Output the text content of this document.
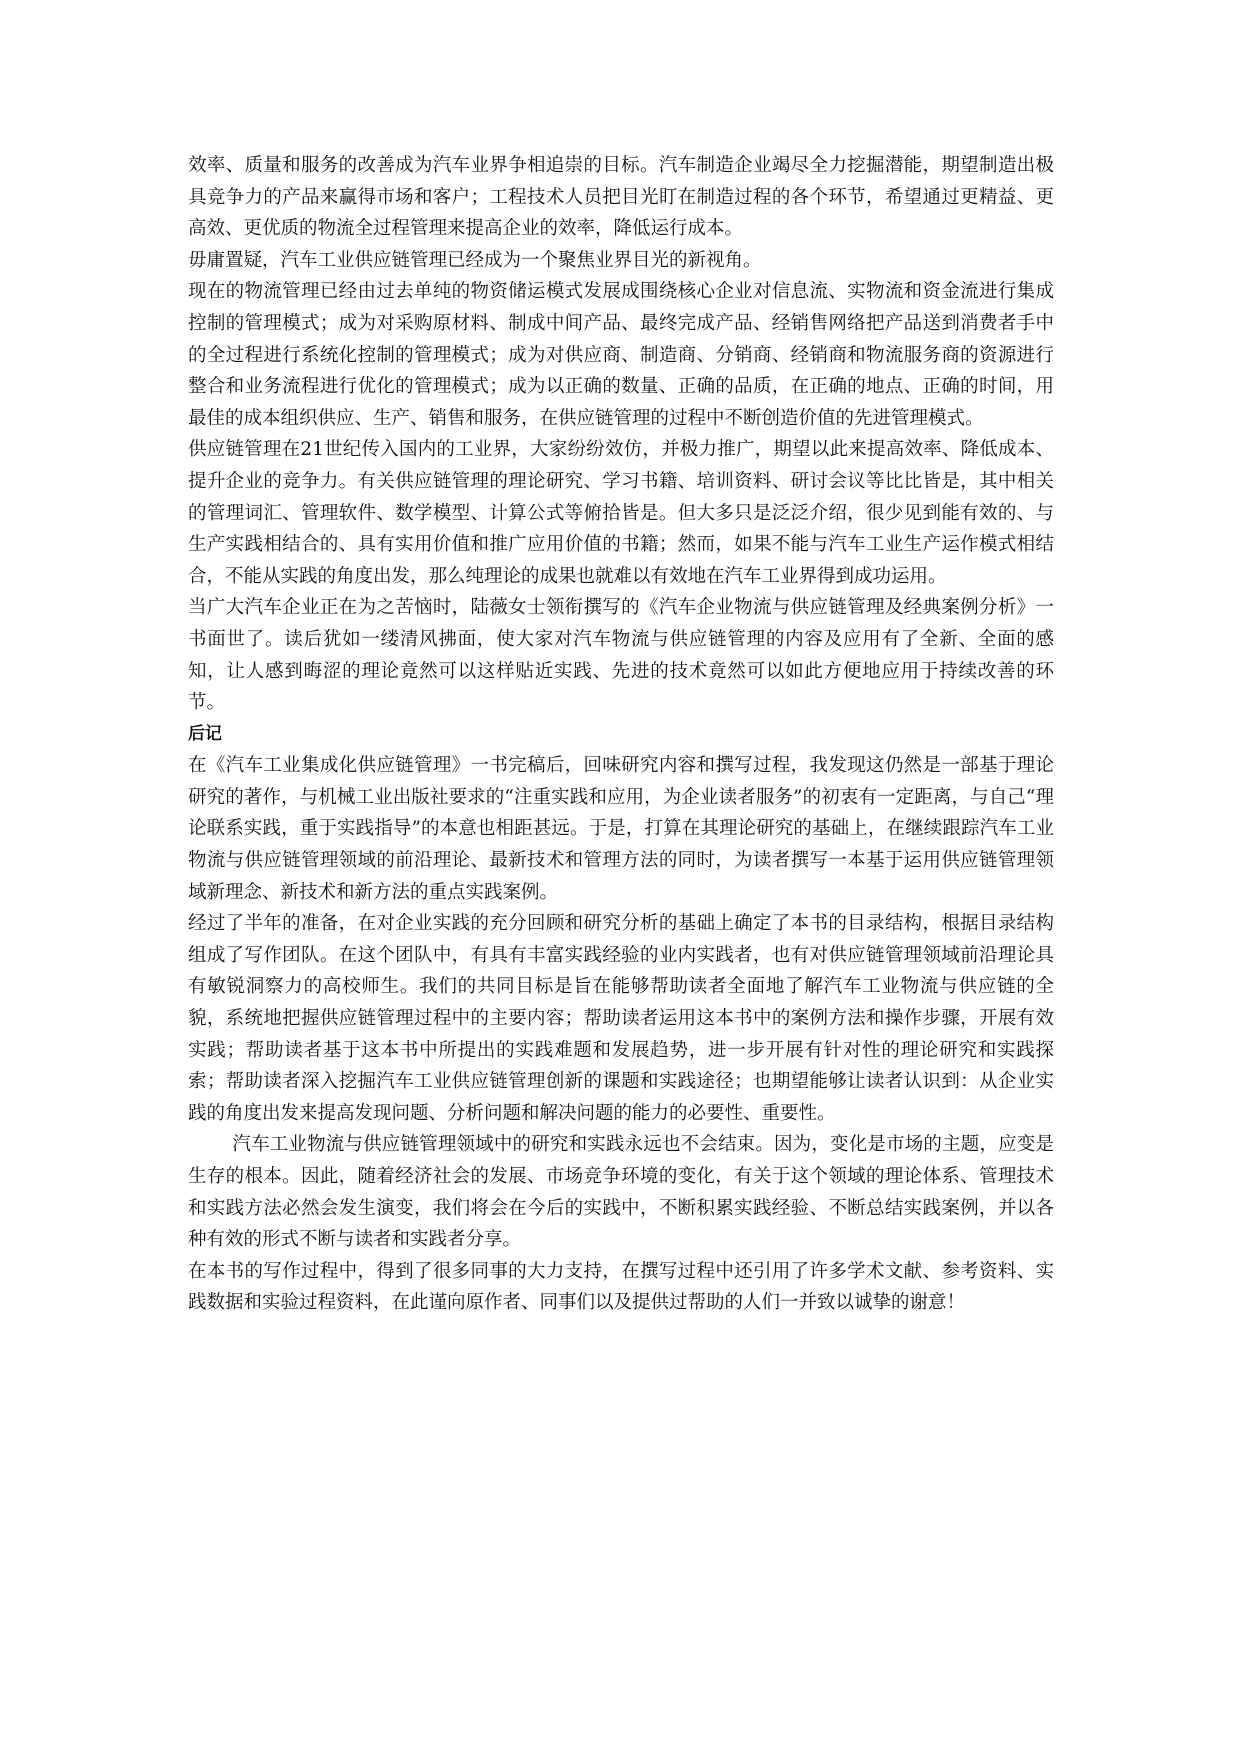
效率、质量和服务的改善成为汽车业界争相追崇的目标。汽车制造企业竭尽全力挖掘潜能，期望制造出极具竞争力的产品来赢得市场和客户；工程技术人员把目光盯在制造过程的各个环节，希望通过更精益、更高效、更优质的物流全过程管理来提高企业的效率，降低运行成本。

毋庸置疑，汽车工业供应链管理已经成为一个聚焦业界目光的新视角。

现在的物流管理已经由过去单纯的物资储运模式发展成围绕核心企业对信息流、实物流和资金流进行集成控制的管理模式；成为对采购原材料、制成中间产品、最终完成产品、经销售网络把产品送到消费者手中的全过程进行系统化控制的管理模式；成为对供应商、制造商、分销商、经销商和物流服务商的资源进行整合和业务流程进行优化的管理模式；成为以正确的数量、正确的品质，在正确的地点、正确的时间，用最佳的成本组织供应、生产、销售和服务，在供应链管理的过程中不断创造价值的先进管理模式。

供应链管理在21世纪传入国内的工业界，大家纷纷效仿，并极力推广，期望以此来提高效率、降低成本、提升企业的竞争力。有关供应链管理的理论研究、学习书籍、培训资料、研讨会议等比比皆是，其中相关的管理词汇、管理软件、数学模型、计算公式等俯拾皆是。但大多只是泛泛介绍，很少见到能有效的、与生产实践相结合的、具有实用价值和推广应用价值的书籍；然而，如果不能与汽车工业生产运作模式相结合，不能从实践的角度出发，那么纯理论的成果也就难以有效地在汽车工业界得到成功运用。

当广大汽车企业正在为之苦恼时，陆薇女士领衔撰写的《汽车企业物流与供应链管理及经典案例分析》一书面世了。读后犹如一缕清风拂面，使大家对汽车物流与供应链管理的内容及应用有了全新、全面的感知，让人感到晦涩的理论竟然可以这样贴近实践、先进的技术竟然可以如此方便地应用于持续改善的环节。

后记

在《汽车工业集成化供应链管理》一书完稿后，回味研究内容和撰写过程，我发现这仍然是一部基于理论研究的著作，与机械工业出版社要求的“注重实践和应用，为企业读者服务”的初衷有一定距离，与自己“理论联系实践，重于实践指导”的本意也相距甚远。于是，打算在其理论研究的基础上，在继续跟踪汽车工业物流与供应链管理领域的前沿理论、最新技术和管理方法的同时，为读者撰写一本基于运用供应链管理领域新理念、新技术和新方法的重点实践案例。

经过了半年的准备，在对企业实践的充分回顾和研究分析的基础上确定了本书的目录结构，根据目录结构组成了写作团队。在这个团队中，有具有丰富实践经验的业内实践者，也有对供应链管理领域前沿理论具有敏锐洞察力的高校师生。我们的共同目标是旨在能够帮助读者全面地了解汽车工业物流与供应链的全貌，系统地把握供应链管理过程中的主要内容；帮助读者运用这本书中的案例方法和操作步骤，开展有效实践；帮助读者基于这本书中所提出的实践难题和发展趋势，进一步开展有针对性的理论研究和实践探索；帮助读者深入挖掘汽车工业供应链管理创新的课题和实践途径；也期望能够让读者认识到：从企业实践的角度出发来提高发现问题、分析问题和解决问题的能力的必要性、重要性。

汽车工业物流与供应链管理领域中的研究和实践永远也不会结束。因为，变化是市场的主题，应变是生存的根本。因此，随着经济社会的发展、市场竞争环境的变化，有关于这个领域的理论体系、管理技术和实践方法必然会发生演变，我们将会在今后的实践中，不断积累实践经验、不断总结实践案例，并以各种有效的形式不断与读者和实践者分享。

在本书的写作过程中，得到了很多同事的大力支持，在撰写过程中还引用了许多学术文献、参考资料、实践数据和实验过程资料，在此谨向原作者、同事们以及提供过帮助的人们一并致以诚挚的谢意！
